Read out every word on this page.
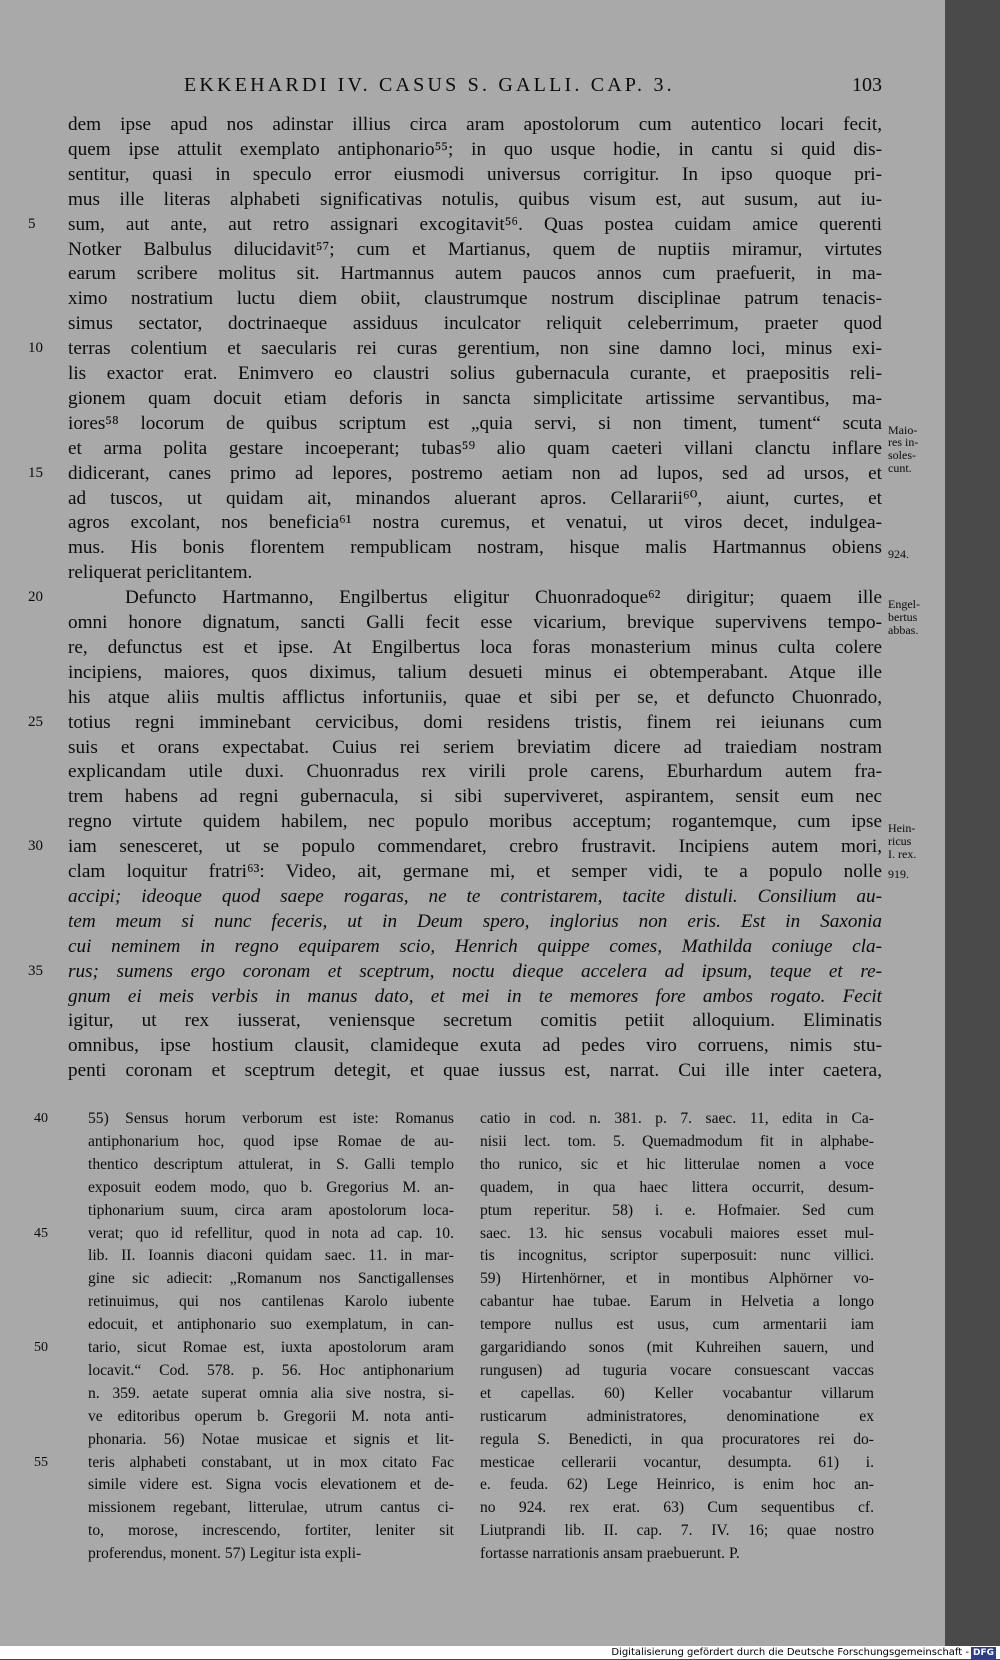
EKKEHARDI IV. CASUS S. GALLI. CAP. 3.	103
dem ipse apud nos adinstar illius circa aram apostolorum cum autentico locari fecit,
quem ipse attulit exemplato antiphonario⁵⁵; in quo usque hodie, in cantu si quid dis-
sentitur, quasi in speculo error eiusmodi universus corrigitur. In ipso quoque pri-
mus ille literas alphabeti significativas notulis, quibus visum est, aut susum, aut iu-
sum, aut ante, aut retro assignari excogitavit⁵⁶. Quas postea cuidam amice querenti
Notker Balbulus dilucidavit⁵⁷; cum et Martianus, quem de nuptiis miramur, virtutes
earum scribere molitus sit. Hartmannus autem paucos annos cum praefuerit, in ma-
ximo nostratium luctu diem obiit, claustrumque nostrum disciplinae patrum tenacis-
simus sectator, doctrinaeque assiduus inculcator reliquit celeberrimum, praeter quod
terras colentium et saecularis rei curas gerentium, non sine damno loci, minus exi-
lis exactor erat. Enimvero eo claustri solius gubernacula curante, et praepositis reli-
gionem quam docuit etiam deforis in sancta simplicitate artissime servantibus, ma-
iores⁵⁸ locorum de quibus scriptum est „quia servi, si non timent, tument“ scuta
et arma polita gestare incoeperant; tubas⁵⁹ alio quam caeteri villani clanctu inflare
didicerant, canes primo ad lepores, postremo aetiam non ad lupos, sed ad ursos, et
ad tuscos, ut quidam ait, minandos aluerant apros. Cellararii⁶⁰, aiunt, curtes, et
agros excolant, nos beneficia⁶¹ nostra curemus, et venatui, ut viros decet, indulgea-
mus. His bonis florentem rempublicam nostram, hisque malis Hartmannus obiens
reliquerat periclitantem.
Defuncto Hartmanno, Engilbertus eligitur Chuonradoque⁶² dirigitur; quaem ille
omni honore dignatum, sancti Galli fecit esse vicarium, brevique supervivens tempo-
re, defunctus est et ipse. At Engilbertus loca foras monasterium minus culta colere
incipiens, maiores, quos diximus, talium desueti minus ei obtemperabant. Atque ille
his atque aliis multis afflictus infortuniis, quae et sibi per se, et defuncto Chuonrado,
totius regni imminebant cervicibus, domi residens tristis, finem rei ieiunans cum
suis et orans expectabat. Cuius rei seriem breviatim dicere ad traiediam nostram
explicandam utile duxi. Chuonradus rex virili prole carens, Eburhardum autem fra-
trem habens ad regni gubernacula, si sibi superviveret, aspirantem, sensit eum nec
regno virtute quidem habilem, nec populo moribus acceptum; rogantemque, cum ipse
iam senesceret, ut se populo commendaret, crebro frustravit. Incipiens autem mori,
clam loquitur fratri⁶³: Video, ait, germane mi, et semper vidi, te a populo nolle
accipi; ideoque quod saepe rogaras, ne te contristarem, tacite distuli. Consilium au-
tem meum si nunc feceris, ut in Deum spero, inglorius non eris. Est in Saxonia
cui neminem in regno equiparem scio, Henrich quippe comes, Mathilda coniuge cla-
rus; sumens ergo coronam et sceptrum, noctu dieque accelera ad ipsum, teque et re-
gnum ei meis verbis in manus dato, et mei in te memores fore ambos rogato. Fecit
igitur, ut rex iusserat, veniensque secretum comitis petiit alloquium. Eliminatis
omnibus, ipse hostium clausit, clamideque exuta ad pedes viro corruens, nimis stu-
penti coronam et sceptrum detegit, et quae iussus est, narrat. Cui ille inter caetera,
5
10
15
20
25
30
35
Maio-
res in-
soles-
cunt.
924.
Engel-
bertus
abbas.
Hein-
ricus
I. rex.
919.
55) Sensus horum verborum est iste: Romanus
antiphonarium hoc, quod ipse Romae de au-
thentico descriptum attulerat, in S. Galli templo
exposuit eodem modo, quo b. Gregorius M. an-
tiphonarium suum, circa aram apostolorum loca-
verat; quo id refellitur, quod in nota ad cap. 10.
lib. II. Ioannis diaconi quidam saec. 11. in mar-
gine sic adiecit: „Romanum nos Sanctigallenses
retinuimus, qui nos cantilenas Karolo iubente
edocuit, et antiphonario suo exemplatum, in can-
tario, sicut Romae est, iuxta apostolorum aram
locavit.“ Cod. 578. p. 56. Hoc antiphonarium
n. 359. aetate superat omnia alia sive nostra, si-
ve editoribus operum b. Gregorii M. nota anti-
phonaria. 56) Notae musicae et signis et lit-
teris alphabeti constabant, ut in mox citato Fac
simile videre est. Signa vocis elevationem et de-
missionem regebant, litterulae, utrum cantus ci-
to, morose, increscendo, fortiter, leniter sit
proferendus, monent. 57) Legitur ista expli-
catio in cod. n. 381. p. 7. saec. 11, edita in Ca-
nisii lect. tom. 5. Quemadmodum fit in alphabe-
tho runico, sic et hic litterulae nomen a voce
quadem, in qua haec littera occurrit, desum-
ptum reperitur. 58) i. e. Hofmaier. Sed cum
saec. 13. hic sensus vocabuli maiores esset mul-
tis incognitus, scriptor superposuit: nunc villici.
59) Hirtenhörner, et in montibus Alphörner vo-
cabantur hae tubae. Earum in Helvetia a longo
tempore nullus est usus, cum armentarii iam
gargaridiando sonos (mit Kuhreihen sauern, und
rungusen) ad tuguria vocare consuescant vaccas
et capellas. 60) Keller vocabantur villarum
rusticarum administratores, denominatione ex
regula S. Benedicti, in qua procuratores rei do-
mesticae cellerarii vocantur, desumpta. 61) i.
e. feuda. 62) Lege Heinrico, is enim hoc an-
no 924. rex erat. 63) Cum sequentibus cf.
Liutprandi lib. II. cap. 7. IV. 16; quae nostro
fortasse narrationis ansam praebuerunt. P.
40
45
50
55
Digitalisierung gefördert durch die Deutsche Forschungsgemeinschaft - DFG
